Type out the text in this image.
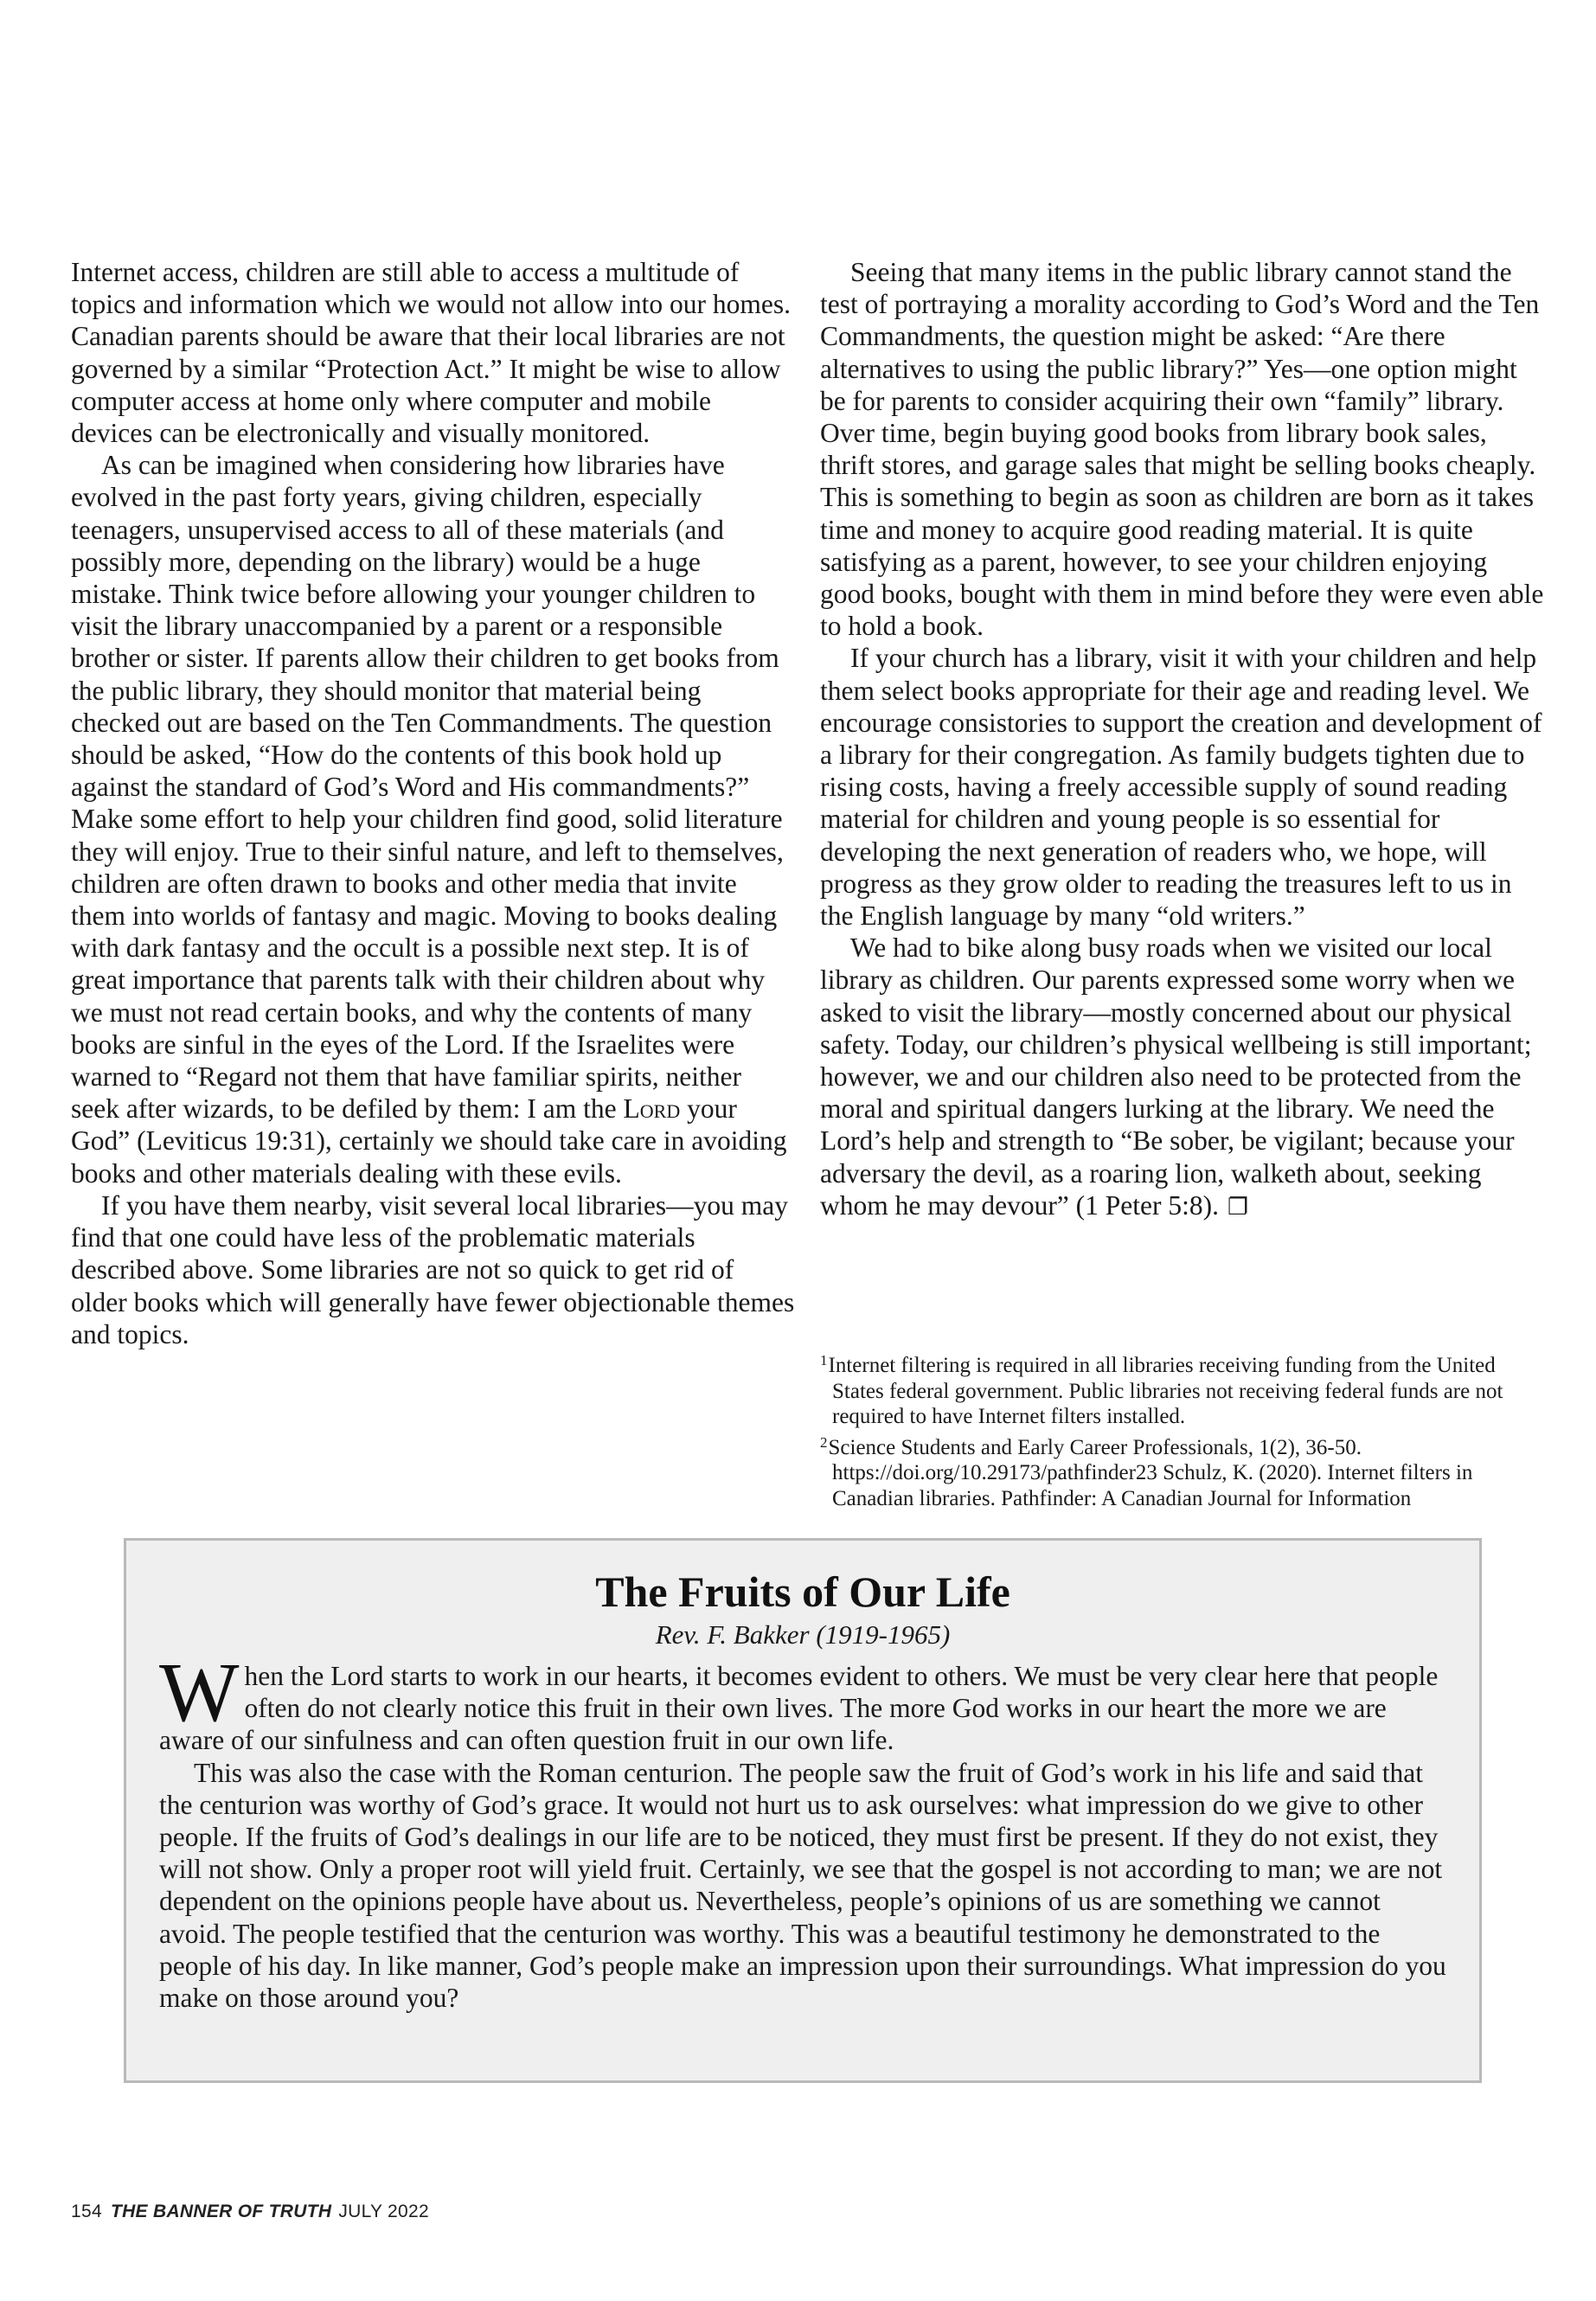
Internet access, children are still able to access a multitude of topics and information which we would not allow into our homes. Canadian parents should be aware that their local libraries are not governed by a similar “Protection Act.” It might be wise to allow computer access at home only where computer and mobile devices can be electronically and visually monitored.

As can be imagined when considering how libraries have evolved in the past forty years, giving children, especially teenagers, unsupervised access to all of these materials (and possibly more, depending on the library) would be a huge mistake. Think twice before allowing your younger children to visit the library unaccompanied by a parent or a responsible brother or sister. If parents allow their children to get books from the public library, they should monitor that material being checked out are based on the Ten Commandments. The question should be asked, “How do the contents of this book hold up against the standard of God’s Word and His commandments?” Make some effort to help your children find good, solid literature they will enjoy. True to their sinful nature, and left to themselves, children are often drawn to books and other media that invite them into worlds of fantasy and magic. Moving to books dealing with dark fantasy and the occult is a possible next step. It is of great importance that parents talk with their children about why we must not read certain books, and why the contents of many books are sinful in the eyes of the Lord. If the Israelites were warned to “Regard not them that have familiar spirits, neither seek after wizards, to be defiled by them: I am the Lord your God” (Leviticus 19:31), certainly we should take care in avoiding books and other materials dealing with these evils.

If you have them nearby, visit several local libraries—you may find that one could have less of the problematic materials described above. Some libraries are not so quick to get rid of older books which will generally have fewer objectionable themes and topics.

Seeing that many items in the public library cannot stand the test of portraying a morality according to God’s Word and the Ten Commandments, the question might be asked: “Are there alternatives to using the public library?” Yes—one option might be for parents to consider acquiring their own “family” library. Over time, begin buying good books from library book sales, thrift stores, and garage sales that might be selling books cheaply. This is something to begin as soon as children are born as it takes time and money to acquire good reading material. It is quite satisfying as a parent, however, to see your children enjoying good books, bought with them in mind before they were even able to hold a book.

If your church has a library, visit it with your children and help them select books appropriate for their age and reading level. We encourage consistories to support the creation and development of a library for their congregation. As family budgets tighten due to rising costs, having a freely accessible supply of sound reading material for children and young people is so essential for developing the next generation of readers who, we hope, will progress as they grow older to reading the treasures left to us in the English language by many “old writers.”

We had to bike along busy roads when we visited our local library as children. Our parents expressed some worry when we asked to visit the library—mostly concerned about our physical safety. Today, our children’s physical wellbeing is still important; however, we and our children also need to be protected from the moral and spiritual dangers lurking at the library. We need the Lord’s help and strength to “Be sober, be vigilant; because your adversary the devil, as a roaring lion, walketh about, seeking whom he may devour” (1 Peter 5:8). ❐

$^1$Internet filtering is required in all libraries receiving funding from the United States federal government. Public libraries not receiving federal funds are not required to have Internet filters installed.

$^2$Science Students and Early Career Professionals, 1(2), 36-50. https://doi.org/10.29173/pathfinder23 Schulz, K. (2020). Internet filters in Canadian libraries. Pathfinder: A Canadian Journal for Information

The Fruits of Our Life

Rev. F. Bakker (1919-1965)

When the Lord starts to work in our hearts, it becomes evident to others. We must be very clear here that people often do not clearly notice this fruit in their own lives. The more God works in our heart the more we are aware of our sinfulness and can often question fruit in our own life.

This was also the case with the Roman centurion. The people saw the fruit of God’s work in his life and said that the centurion was worthy of God’s grace. It would not hurt us to ask ourselves: what impression do we give to other people. If the fruits of God’s dealings in our life are to be noticed, they must first be present. If they do not exist, they will not show. Only a proper root will yield fruit. Certainly, we see that the gospel is not according to man; we are not dependent on the opinions people have about us. Nevertheless, people’s opinions of us are something we cannot avoid. The people testified that the centurion was worthy. This was a beautiful testimony he demonstrated to the people of his day. In like manner, God’s people make an impression upon their surroundings. What impression do you make on those around you?

154 THE BANNER OF TRUTH JULY 2022
